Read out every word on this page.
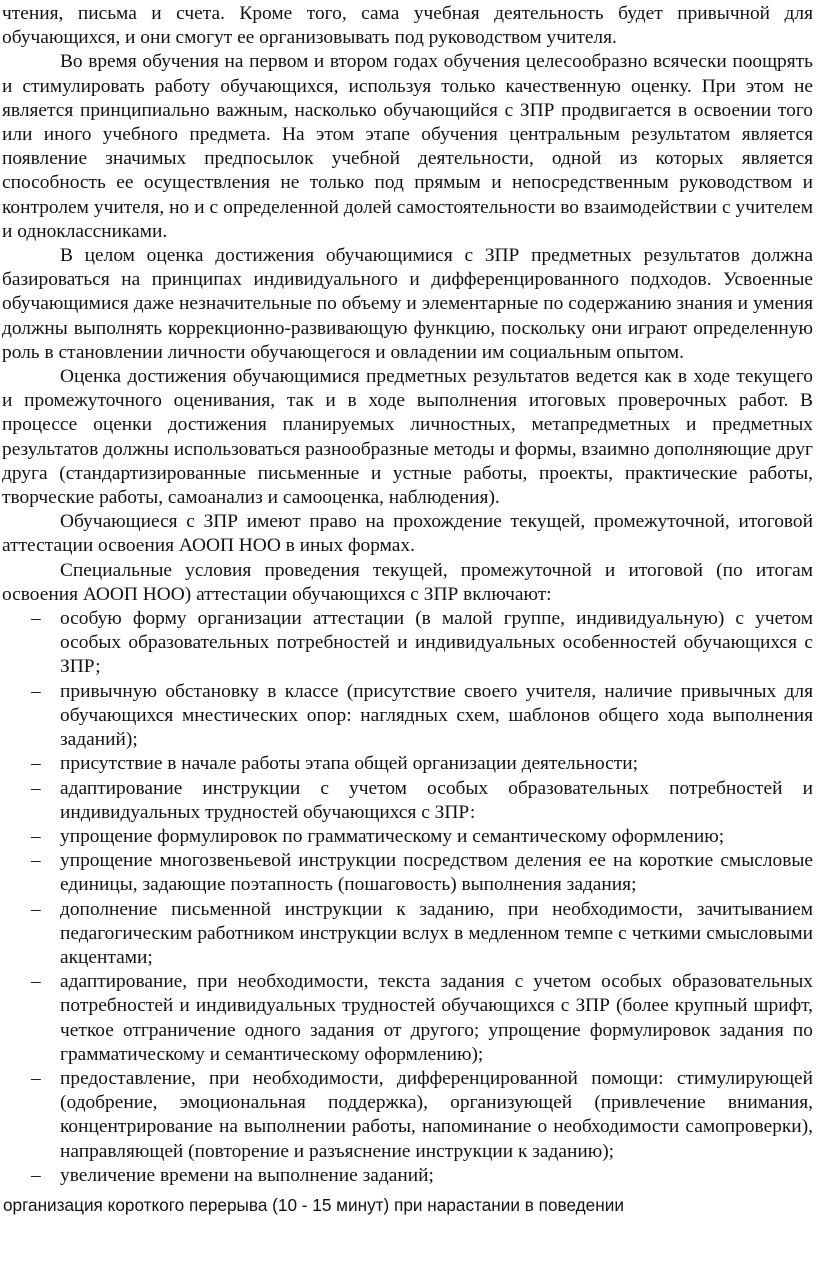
чтения, письма и счета. Кроме того, сама учебная деятельность будет привычной для обучающихся, и они смогут ее организовывать под руководством учителя.

Во время обучения на первом и втором годах обучения целесообразно всячески поощрять и стимулировать работу обучающихся, используя только качественную оценку. При этом не является принципиально важным, насколько обучающийся с ЗПР продвигается в освоении того или иного учебного предмета. На этом этапе обучения центральным результатом является появление значимых предпосылок учебной деятельности, одной из которых является способность ее осуществления не только под прямым и непосредственным руководством и контролем учителя, но и с определенной долей самостоятельности во взаимодействии с учителем и одноклассниками.

В целом оценка достижения обучающимися с ЗПР предметных результатов должна базироваться на принципах индивидуального и дифференцированного подходов. Усвоенные обучающимися даже незначительные по объему и элементарные по содержанию знания и умения должны выполнять коррекционно-развивающую функцию, поскольку они играют определенную роль в становлении личности обучающегося и овладении им социальным опытом.

Оценка достижения обучающимися предметных результатов ведется как в ходе текущего и промежуточного оценивания, так и в ходе выполнения итоговых проверочных работ. В процессе оценки достижения планируемых личностных, метапредметных и предметных результатов должны использоваться разнообразные методы и формы, взаимно дополняющие друг друга (стандартизированные письменные и устные работы, проекты, практические работы, творческие работы, самоанализ и самооценка, наблюдения).

Обучающиеся с ЗПР имеют право на прохождение текущей, промежуточной, итоговой аттестации освоения АООП НОО в иных формах.

Специальные условия проведения текущей, промежуточной и итоговой (по итогам освоения АООП НОО) аттестации обучающихся с ЗПР включают:

– особую форму организации аттестации (в малой группе, индивидуальную) с учетом особых образовательных потребностей и индивидуальных особенностей обучающихся с ЗПР;
– привычную обстановку в классе (присутствие своего учителя, наличие привычных для обучающихся мнестических опор: наглядных схем, шаблонов общего хода выполнения заданий);
– присутствие в начале работы этапа общей организации деятельности;
– адаптирование инструкции с учетом особых образовательных потребностей и индивидуальных трудностей обучающихся с ЗПР:
– упрощение формулировок по грамматическому и семантическому оформлению;
– упрощение многозвеньевой инструкции посредством деления ее на короткие смысловые единицы, задающие поэтапность (пошаговость) выполнения задания;
– дополнение письменной инструкции к заданию, при необходимости, зачитыванием педагогическим работником инструкции вслух в медленном темпе с четкими смысловыми акцентами;
– адаптирование, при необходимости, текста задания с учетом особых образовательных потребностей и индивидуальных трудностей обучающихся с ЗПР (более крупный шрифт, четкое отграничение одного задания от другого; упрощение формулировок задания по грамматическому и семантическому оформлению);
– предоставление, при необходимости, дифференцированной помощи: стимулирующей (одобрение, эмоциональная поддержка), организующей (привлечение внимания, концентрирование на выполнении работы, напоминание о необходимости самопроверки), направляющей (повторение и разъяснение инструкции к заданию);
– увеличение времени на выполнение заданий;
организация короткого перерыва (10 - 15 минут) при нарастании в поведении
